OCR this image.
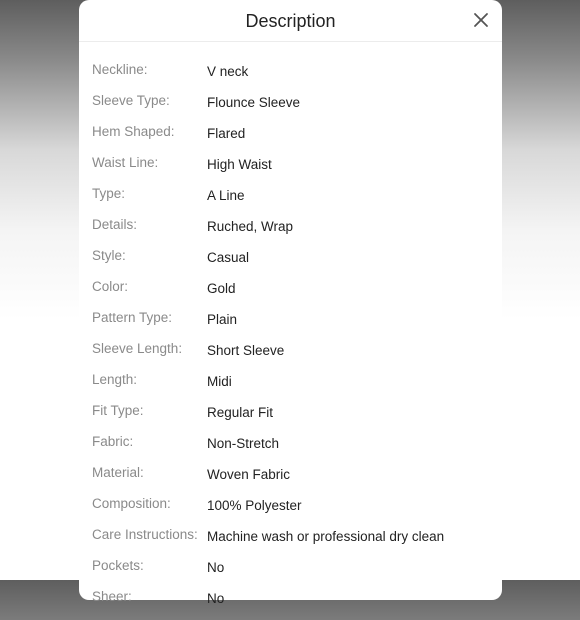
Description
Neckline:	V neck
Sleeve Type:	Flounce Sleeve
Hem Shaped:	Flared
Waist Line:	High Waist
Type:	A Line
Details:	Ruched, Wrap
Style:	Casual
Color:	Gold
Pattern Type:	Plain
Sleeve Length:	Short Sleeve
Length:	Midi
Fit Type:	Regular Fit
Fabric:	Non-Stretch
Material:	Woven Fabric
Composition:	100% Polyester
Care Instructions: Machine wash or professional dry clean
Pockets:	No
Sheer:	No
